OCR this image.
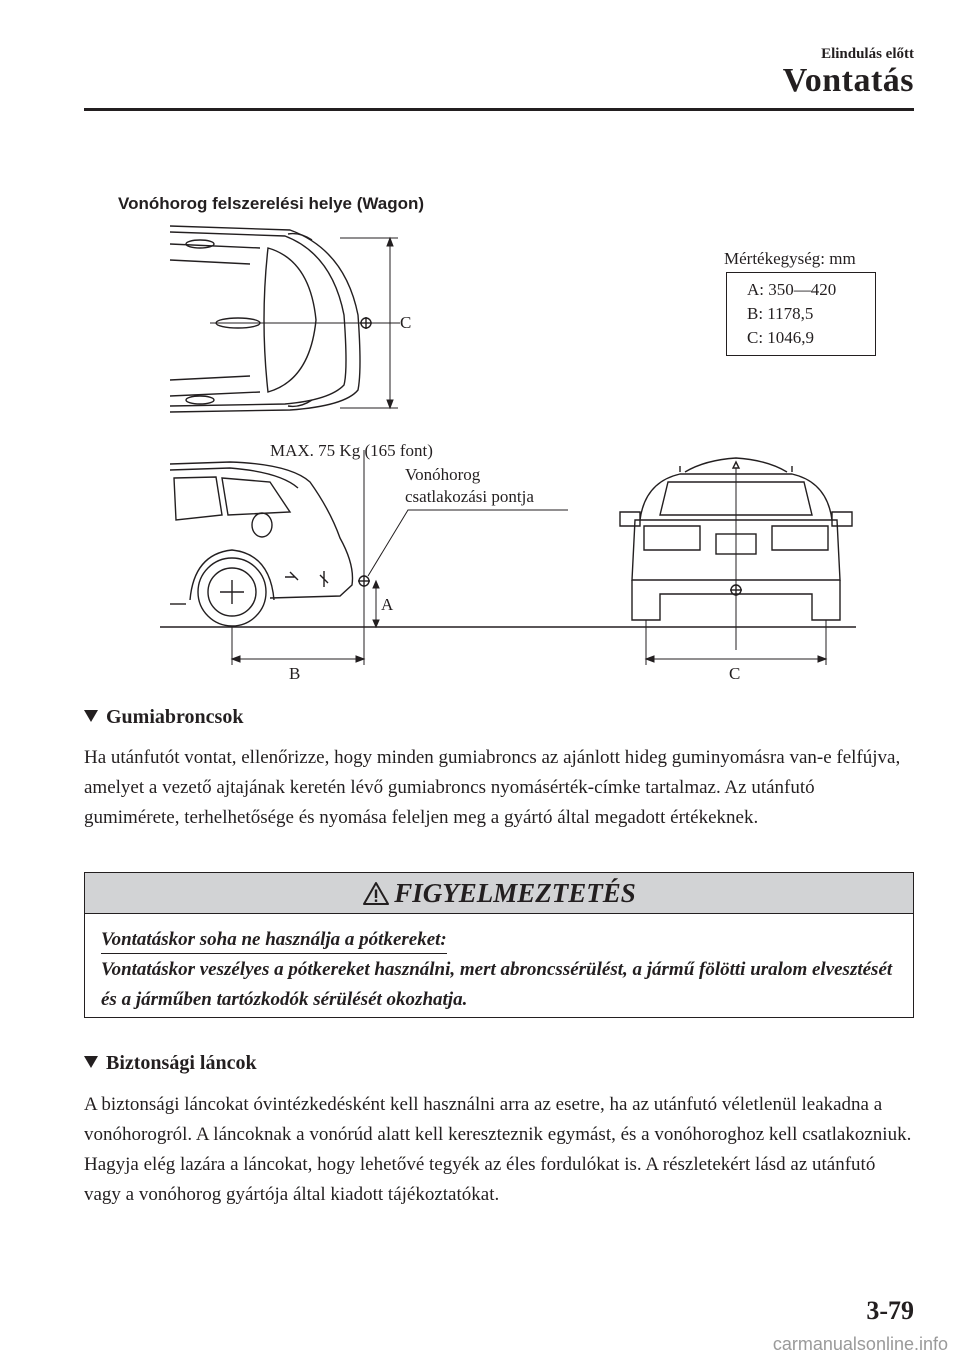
Elindulás előtt
Vontatás
Vonóhorog felszerelési helye (Wagon)
Mértékegység: mm
A: 350—420
B: 1178,5
C: 1046,9
C
MAX. 75 Kg (165 font)
Vonóhorog
csatlakozási pontja
A
B	C
Gumiabroncsok
Ha utánfutót vontat, ellenőrizze, hogy minden gumiabroncs az ajánlott hideg guminyomásra van-e felfújva, amelyet a vezető ajtajának keretén lévő gumiabroncs nyomásérték-címke tartalmaz. Az utánfutó gumimérete, terhelhetősége és nyomása feleljen meg a gyártó által megadott értékeknek.
FIGYELMEZTETÉS
Vontatáskor soha ne használja a pótkereket:
Vontatáskor veszélyes a pótkereket használni, mert abroncssérülést, a jármű fölötti uralom elvesztését és a járműben tartózkodók sérülését okozhatja.
Biztonsági láncok
A biztonsági láncokat óvintézkedésként kell használni arra az esetre, ha az utánfutó véletlenül leakadna a vonóhorogról. A láncoknak a vonórúd alatt kell kereszteznik egymást, és a vonóhoroghoz kell csatlakozniuk. Hagyja elég lazára a láncokat, hogy lehetővé tegyék az éles fordulókat is. A részletekért lásd az utánfutó vagy a vonóhorog gyártója által kiadott tájékoztatókat.
3-79
carmanualsonline.info
